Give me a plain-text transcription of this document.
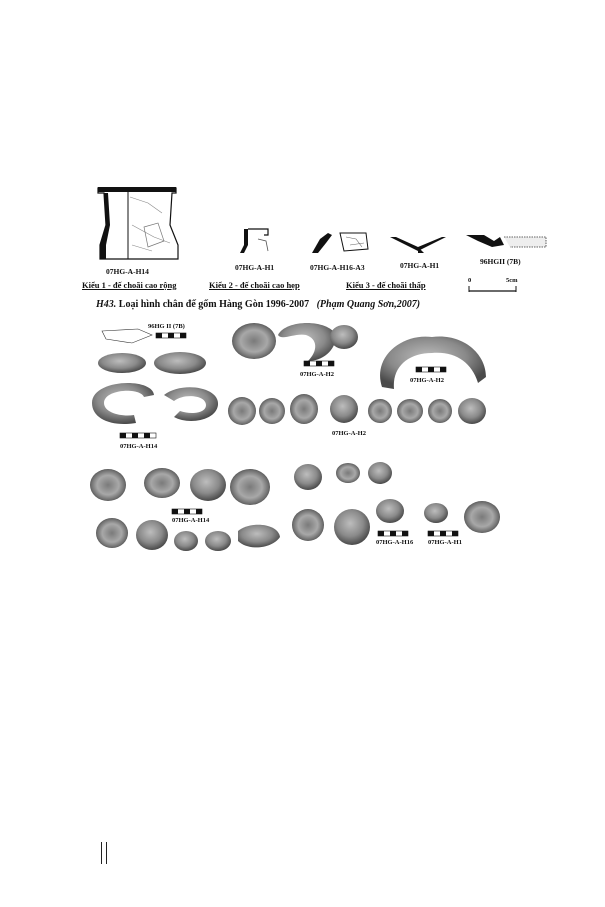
07HG-A-H14	07HG-A-H1	07HG-A-H16-A3	07HG-A-H1	96HGII (7B)
Kiểu 1 - đế choãi cao rộng	Kiểu 2 - đế choãi cao hẹp	Kiểu 3 - đế choãi thấp	0	5cm
H43. Loại hình chân đế gốm Hàng Gòn 1996-2007 (Phạm Quang Sơn,2007)
96HG II (7B)
07HG-A-H14
07HG-A-H2
07HG-A-H2
07HG-A-H2
07HG-A-H14
07HG-A-H16 07HG-A-H1
